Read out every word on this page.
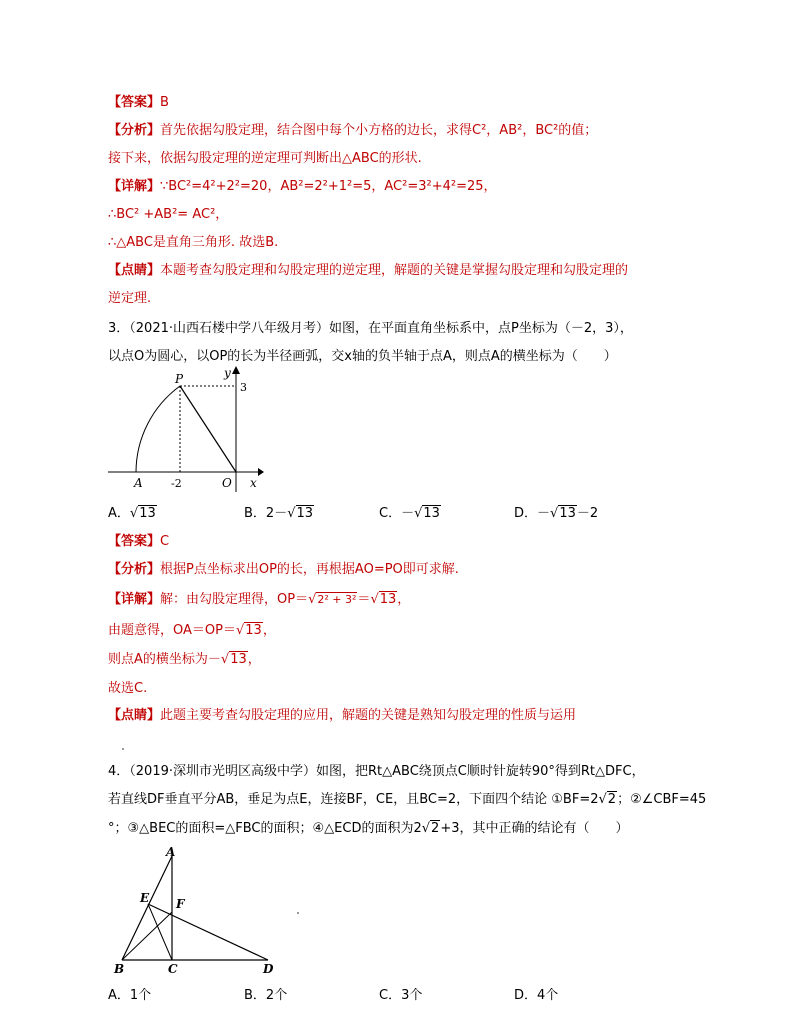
【答案】B
【分析】首先依据勾股定理，结合图中每个小方格的边长，求得C²，AB²，BC²的值；
接下来，依据勾股定理的逆定理可判断出△ABC的形状.
【详解】∵BC²=4²+2²=20，AB²=2²+1²=5，AC²=3²+4²=25，
∴BC² +AB²= AC²，
∴△ABC是直角三角形. 故选B.
【点睛】本题考查勾股定理和勾股定理的逆定理，解题的关键是掌握勾股定理和勾股定理的
逆定理.
3．（2021·山西石楼中学八年级月考）如图，在平面直角坐标系中，点P坐标为（－2，3），
以点O为圆心，以OP的长为半径画弧，交x轴的负半轴于点A，则点A的横坐标为（　　）
P	y
3
A	-2	O x
A．√13	B．2－√13	C．－√13	D．－√13－2
【答案】C
【分析】根据P点坐标求出OP的长，再根据AO=PO即可求解.
【详解】解：由勾股定理得，OP＝√2² + 3²＝√13，
由题意得，OA＝OP＝√13，
则点A的横坐标为－√13，
故选C.
【点睛】此题主要考查勾股定理的应用，解题的关键是熟知勾股定理的性质与运用
4．（2019·深圳市光明区高级中学）如图，把Rt△ABC绕顶点C顺时针旋转90°得到Rt△DFC，
若直线DF垂直平分AB，垂足为点E，连接BF，CE，且BC=2，下面四个结论 ①BF=2√2；②∠CBF=45
°；③△BEC的面积=△FBC的面积；④△ECD的面积为2√2+3，其中正确的结论有（　　）
A
E F
B	C	D
A．1个	B．2个	C．3个	D．4个
